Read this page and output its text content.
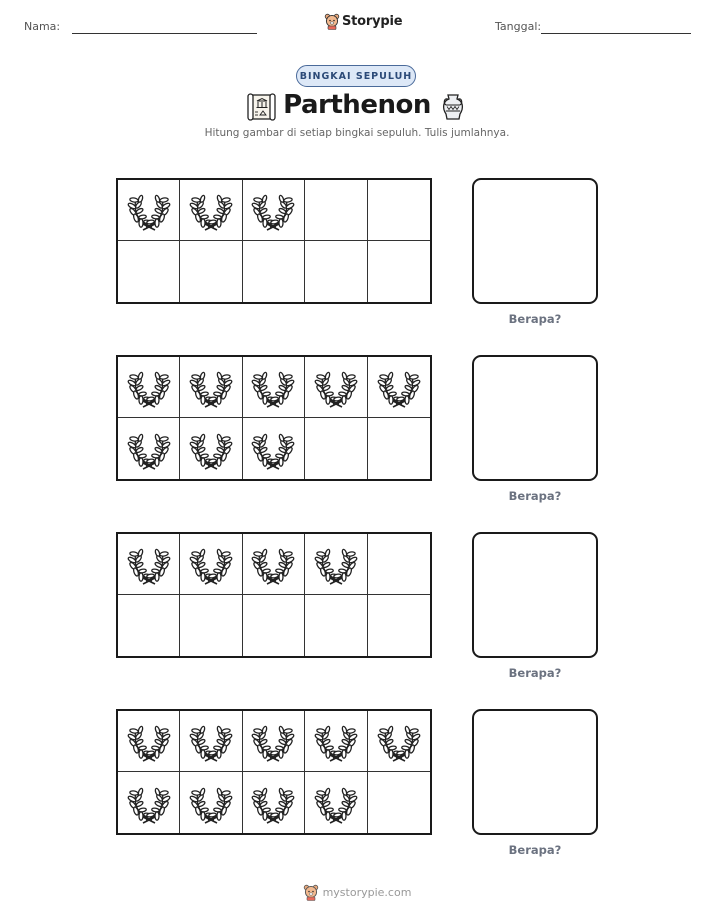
Nama:	Storypie	Tanggal:
BINGKAI SEPULUH
Parthenon
Hitung gambar di setiap bingkai sepuluh. Tulis jumlahnya.
Berapa?
Berapa?
Berapa?
Berapa?
mystorypie.com
